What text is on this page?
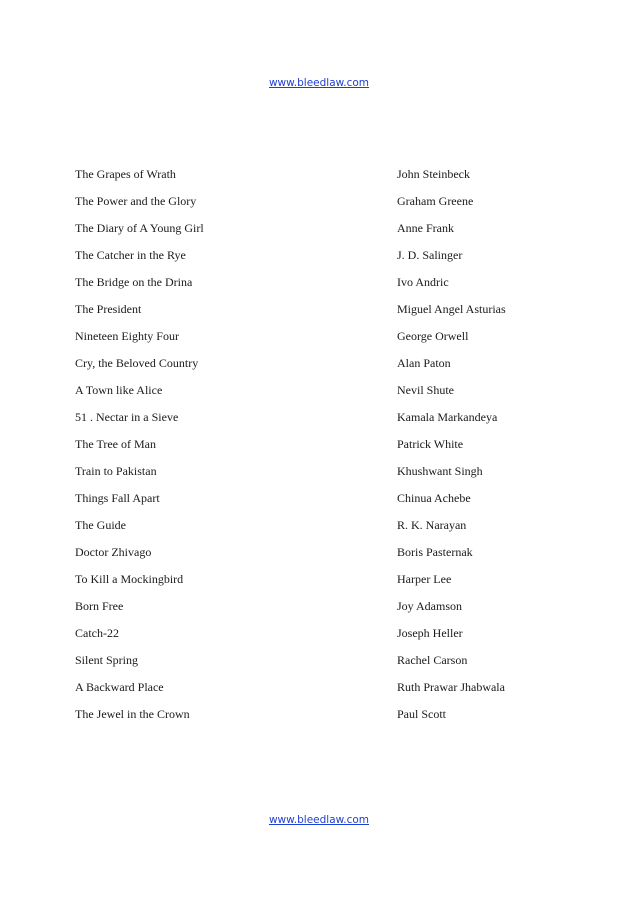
www.bleedlaw.com
The Grapes of Wrath	John Steinbeck
The Power and the Glory	Graham Greene
The Diary of A Young Girl	Anne Frank
The Catcher in the Rye	J. D. Salinger
The Bridge on the Drina	Ivo Andric
The President	Miguel Angel Asturias
Nineteen Eighty Four	George Orwell
Cry, the Beloved Country	Alan Paton
A Town like Alice	Nevil Shute
51 . Nectar in a Sieve	Kamala Markandeya
The Tree of Man	Patrick White
Train to Pakistan	Khushwant Singh
Things Fall Apart	Chinua Achebe
The Guide	R. K. Narayan
Doctor Zhivago	Boris Pasternak
To Kill a Mockingbird	Harper Lee
Born Free	Joy Adamson
Catch-22	Joseph Heller
Silent Spring	Rachel Carson
A Backward Place	Ruth Prawar Jhabwala
The Jewel in the Crown	Paul Scott
www.bleedlaw.com
